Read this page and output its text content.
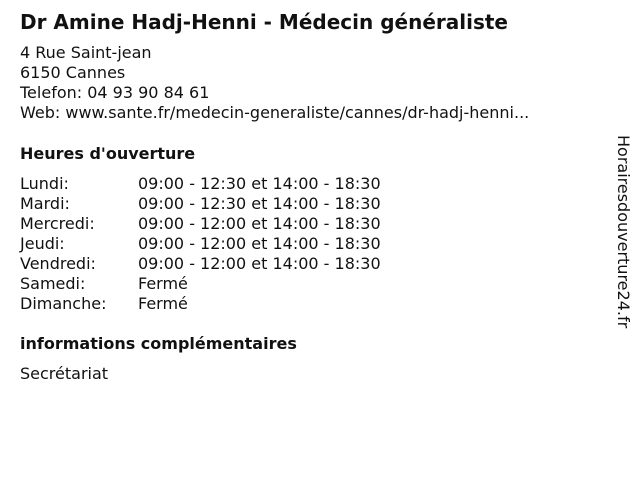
Dr Amine Hadj-Henni - Médecin généraliste
4 Rue Saint-jean
6150 Cannes
Telefon: 04 93 90 84 61
Web: www.sante.fr/medecin-generaliste/cannes/dr-hadj-henni...
Heures d'ouverture
Lundi:	09:00 - 12:30 et 14:00 - 18:30
Mardi:	09:00 - 12:30 et 14:00 - 18:30
Mercredi:	09:00 - 12:00 et 14:00 - 18:30
Jeudi:	09:00 - 12:00 et 14:00 - 18:30
Vendredi:	09:00 - 12:00 et 14:00 - 18:30
Samedi:	Fermé
Dimanche:	Fermé
informations complémentaires
Secrétariat
Horairesdouverture24.fr
